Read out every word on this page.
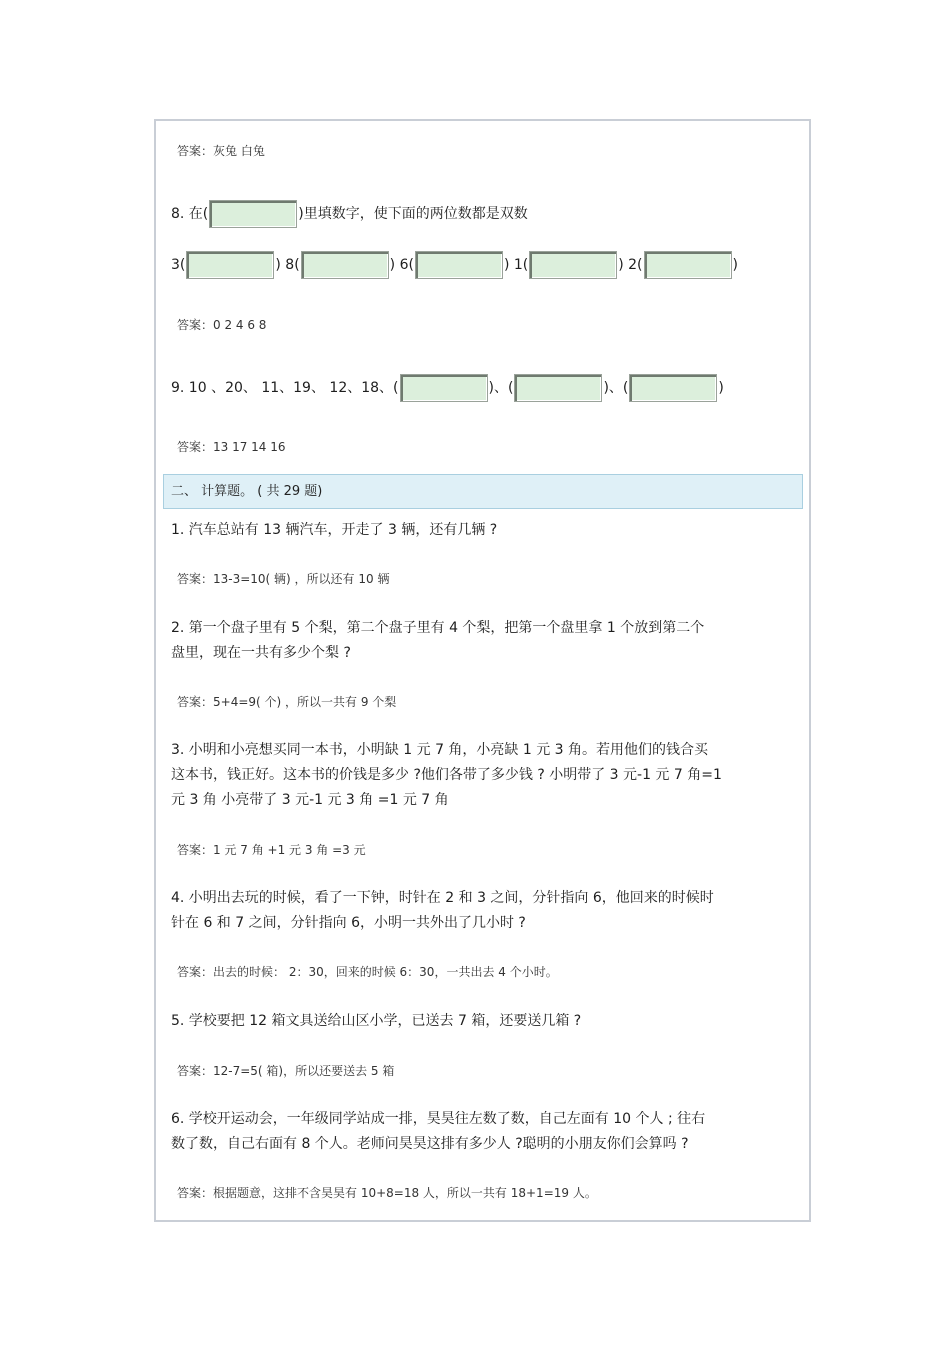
答案：灰兔 白兔
8. 在(	)里填数字，使下面的两位数都是双数
3(	) 8(	) 6(	) 1(	) 2(	)
答案：0 2 4 6 8
9. 10 、20、 11、19、 12、18、(	)、(	)、(	)
答案：13 17 14 16
二、 计算题。 ( 共 29 题)
1. 汽车总站有 13 辆汽车，开走了 3 辆，还有几辆 ?
答案：13-3=10( 辆) ，所以还有 10 辆
2. 第一个盘子里有 5 个梨，第二个盘子里有 4 个梨，把第一个盘里拿 1 个放到第二个
盘里，现在一共有多少个梨 ?
答案：5+4=9( 个) ，所以一共有 9 个梨
3. 小明和小亮想买同一本书，小明缺 1 元 7 角，小亮缺 1 元 3 角。若用他们的钱合买
这本书，钱正好。这本书的价钱是多少 ?他们各带了多少钱 ? 小明带了 3 元-1 元 7 角=1
元 3 角 小亮带了 3 元-1 元 3 角 =1 元 7 角
答案：1 元 7 角 +1 元 3 角 =3 元
4. 小明出去玩的时候，看了一下钟，时针在 2 和 3 之间，分针指向 6，他回来的时候时
针在 6 和 7 之间，分针指向 6，小明一共外出了几小时 ?
答案：出去的时候： 2：30，回来的时候 6：30，一共出去 4 个小时。
5. 学校要把 12 箱文具送给山区小学，已送去 7 箱，还要送几箱 ?
答案：12-7=5( 箱)，所以还要送去 5 箱
6. 学校开运动会，一年级同学站成一排，昊昊往左数了数，自己左面有 10 个人 ; 往右
数了数，自己右面有 8 个人。老师问昊昊这排有多少人 ?聪明的小朋友你们会算吗 ?
答案：根据题意，这排不含昊昊有 10+8=18 人，所以一共有 18+1=19 人。
